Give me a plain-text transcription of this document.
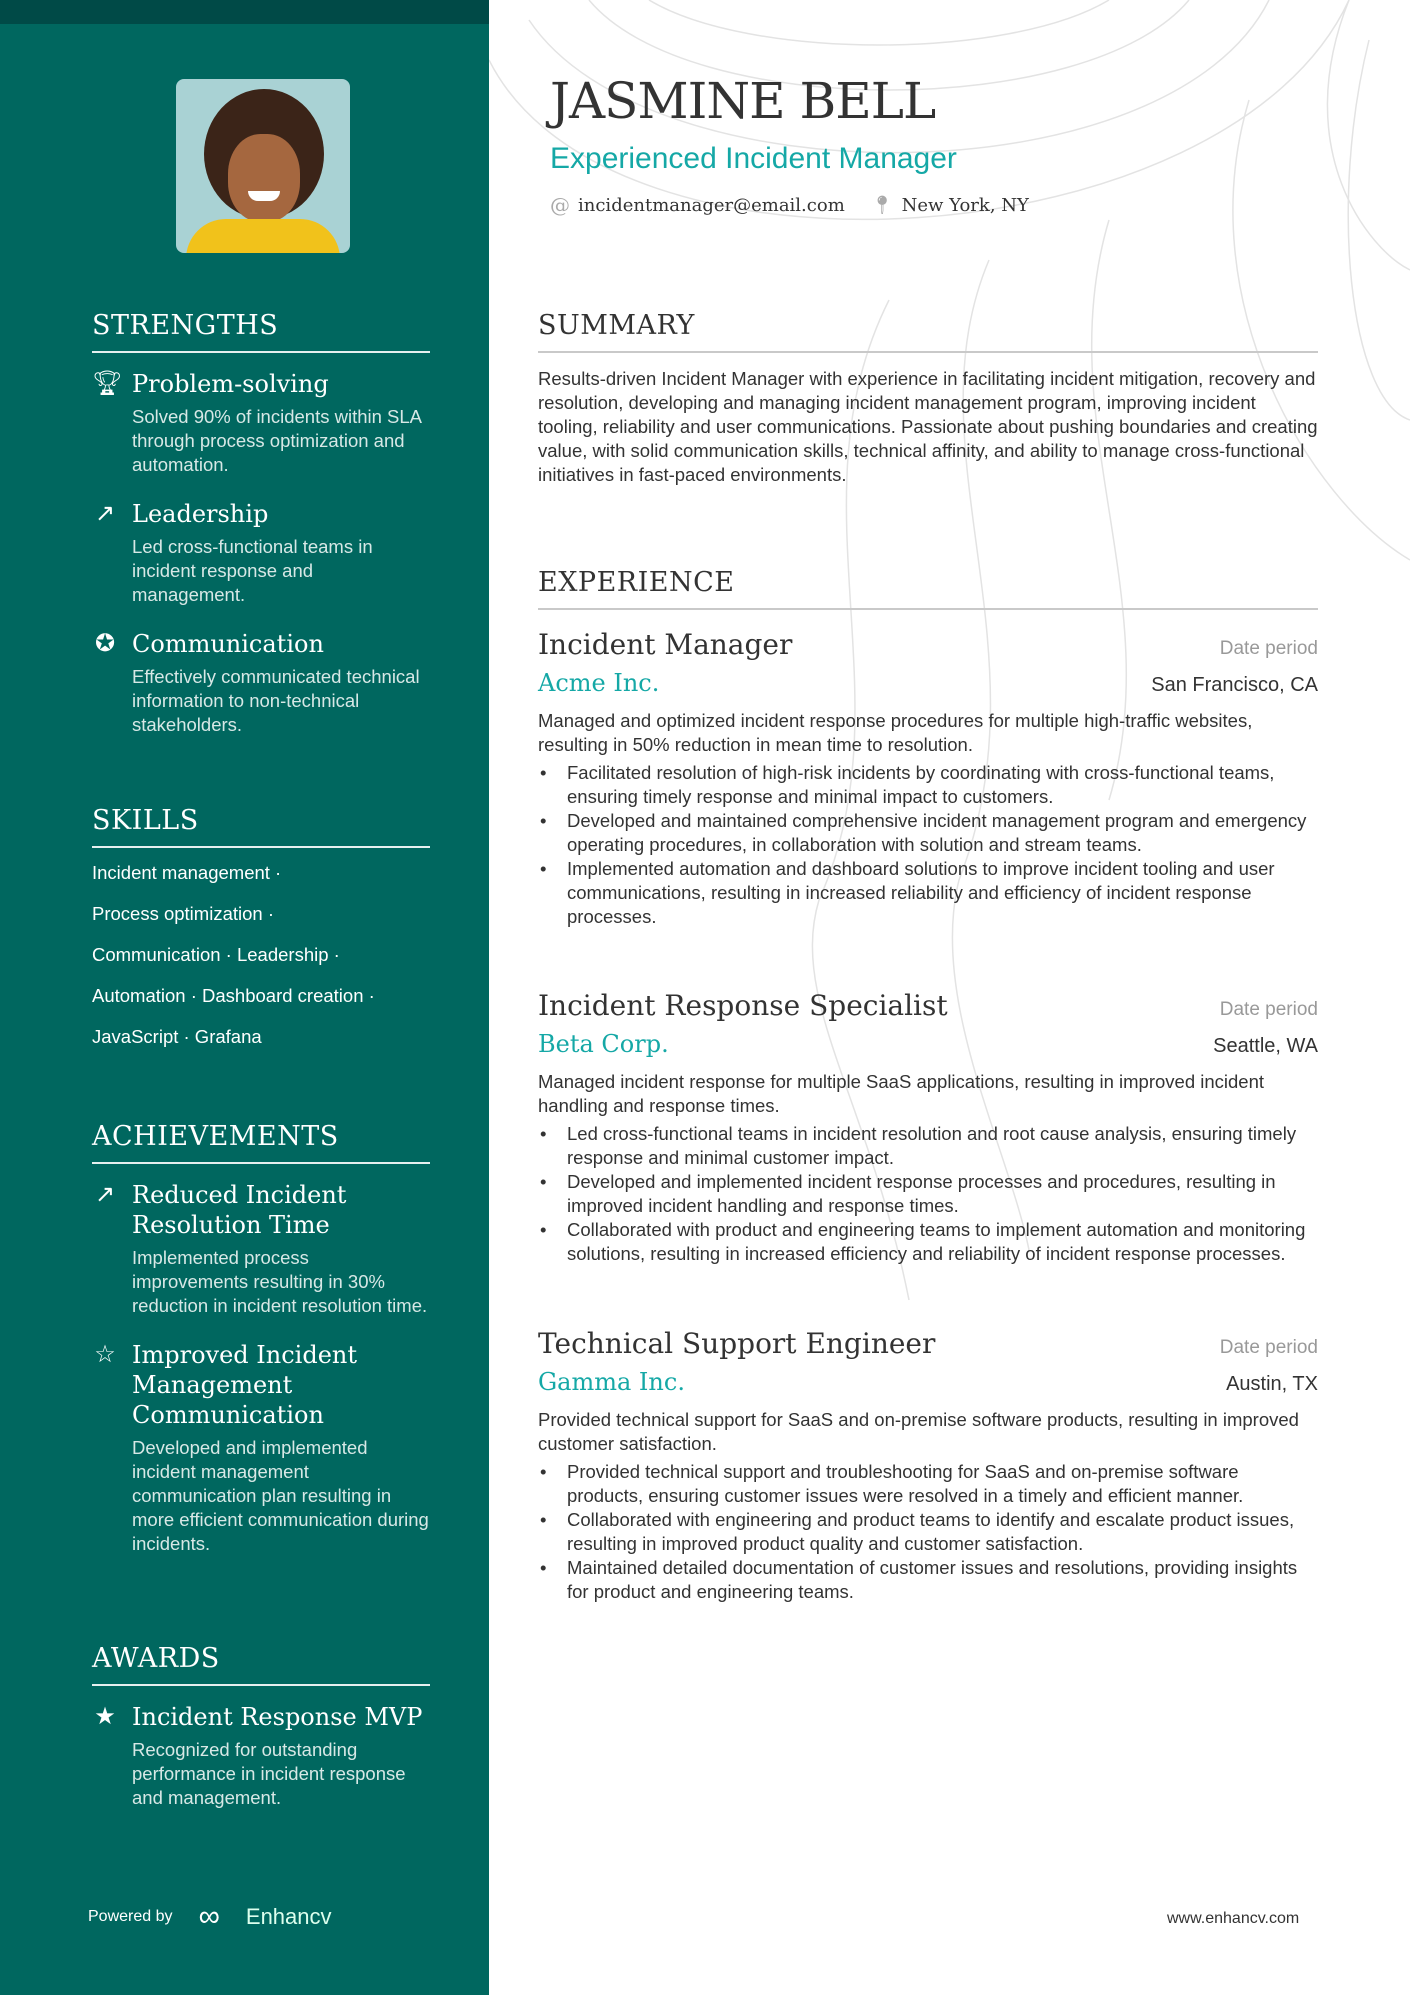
JASMINE BELL
Experienced Incident Manager
@ incidentmanager@email.com 📍︎ New York, NY
STRENGTHS
🏆︎ Problem-solving
Solved 90% of incidents within SLA through process optimization and automation.
↗ Leadership
Led cross-functional teams in incident response and management.
✪ Communication
Effectively communicated technical information to non-technical stakeholders.
SKILLS
Incident management ·
Process optimization ·
Communication · Leadership ·
Automation · Dashboard creation ·
JavaScript · Grafana
ACHIEVEMENTS
↗ Reduced Incident Resolution Time
Implemented process improvements resulting in 30% reduction in incident resolution time.
☆ Improved Incident Management Communication
Developed and implemented incident management communication plan resulting in more efficient communication during incidents.
AWARDS
★ Incident Response MVP
Recognized for outstanding performance in incident response and management.
Powered by ∞ Enhancv	www.enhancv.com
SUMMARY
Results-driven Incident Manager with experience in facilitating incident mitigation, recovery and resolution, developing and managing incident management program, improving incident tooling, reliability and user communications. Passionate about pushing boundaries and creating value, with solid communication skills, technical affinity, and ability to manage cross-functional initiatives in fast-paced environments.
EXPERIENCE
Incident Manager	Date period
Acme Inc.	San Francisco, CA
Managed and optimized incident response procedures for multiple high-traffic websites, resulting in 50% reduction in mean time to resolution.
• Facilitated resolution of high-risk incidents by coordinating with cross-functional teams, ensuring timely response and minimal impact to customers.
• Developed and maintained comprehensive incident management program and emergency operating procedures, in collaboration with solution and stream teams.
• Implemented automation and dashboard solutions to improve incident tooling and user communications, resulting in increased reliability and efficiency of incident response processes.
Incident Response Specialist	Date period
Beta Corp.	Seattle, WA
Managed incident response for multiple SaaS applications, resulting in improved incident handling and response times.
• Led cross-functional teams in incident resolution and root cause analysis, ensuring timely response and minimal customer impact.
• Developed and implemented incident response processes and procedures, resulting in improved incident handling and response times.
• Collaborated with product and engineering teams to implement automation and monitoring solutions, resulting in increased efficiency and reliability of incident response processes.
Technical Support Engineer	Date period
Gamma Inc.	Austin, TX
Provided technical support for SaaS and on-premise software products, resulting in improved customer satisfaction.
• Provided technical support and troubleshooting for SaaS and on-premise software products, ensuring customer issues were resolved in a timely and efficient manner.
• Collaborated with engineering and product teams to identify and escalate product issues, resulting in improved product quality and customer satisfaction.
• Maintained detailed documentation of customer issues and resolutions, providing insights for product and engineering teams.
